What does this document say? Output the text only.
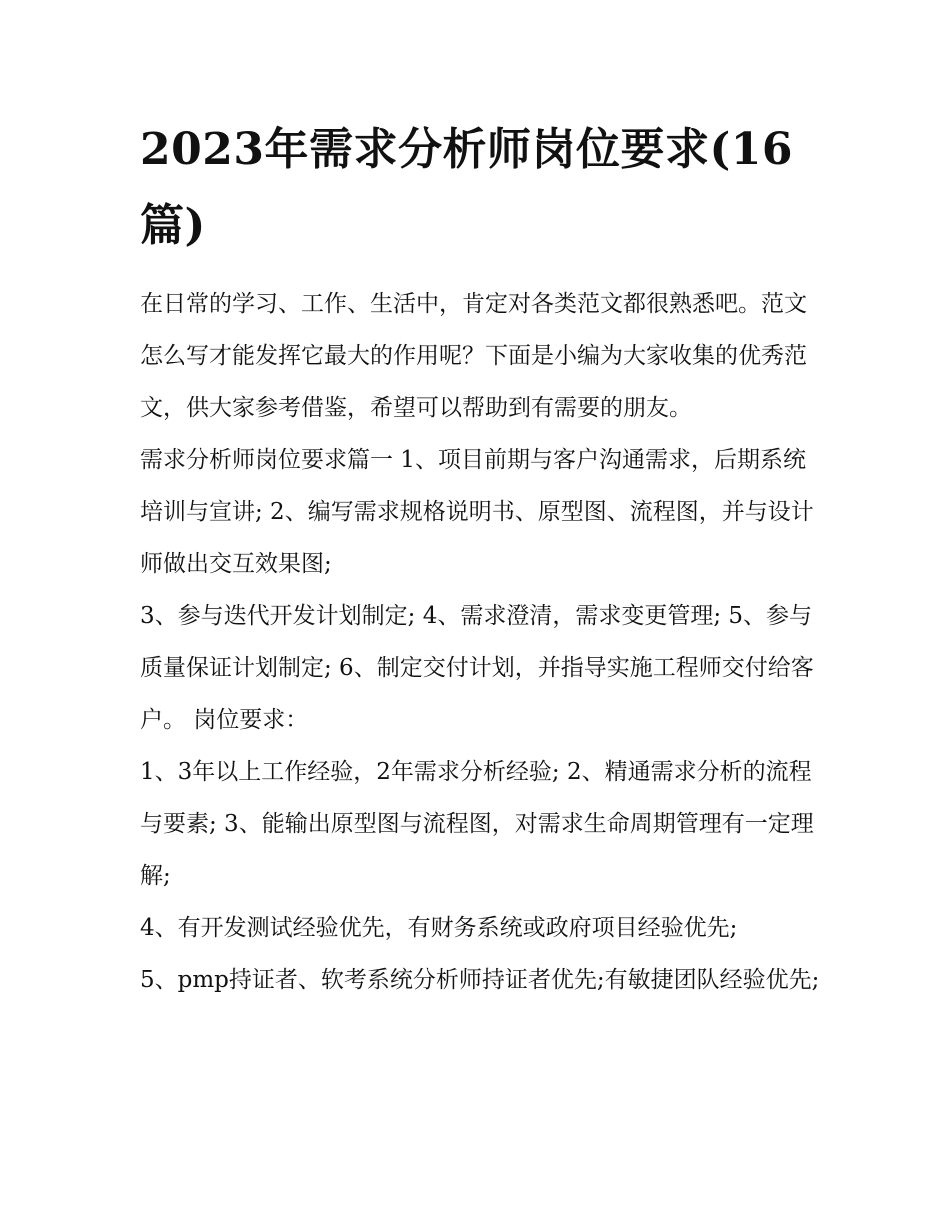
2023年需求分析师岗位要求(16篇)

在日常的学习、工作、生活中，肯定对各类范文都很熟悉吧。范文怎么写才能发挥它最大的作用呢？下面是小编为大家收集的优秀范文，供大家参考借鉴，希望可以帮助到有需要的朋友。

需求分析师岗位要求篇一 1、项目前期与客户沟通需求，后期系统培训与宣讲; 2、编写需求规格说明书、原型图、流程图，并与设计师做出交互效果图;

3、参与迭代开发计划制定; 4、需求澄清，需求变更管理; 5、参与质量保证计划制定; 6、制定交付计划，并指导实施工程师交付给客户。 岗位要求：

1、3年以上工作经验，2年需求分析经验; 2、精通需求分析的流程与要素; 3、能输出原型图与流程图，对需求生命周期管理有一定理解;

4、有开发测试经验优先，有财务系统或政府项目经验优先;

5、pmp持证者、软考系统分析师持证者优先;有敏捷团队经验优先;
